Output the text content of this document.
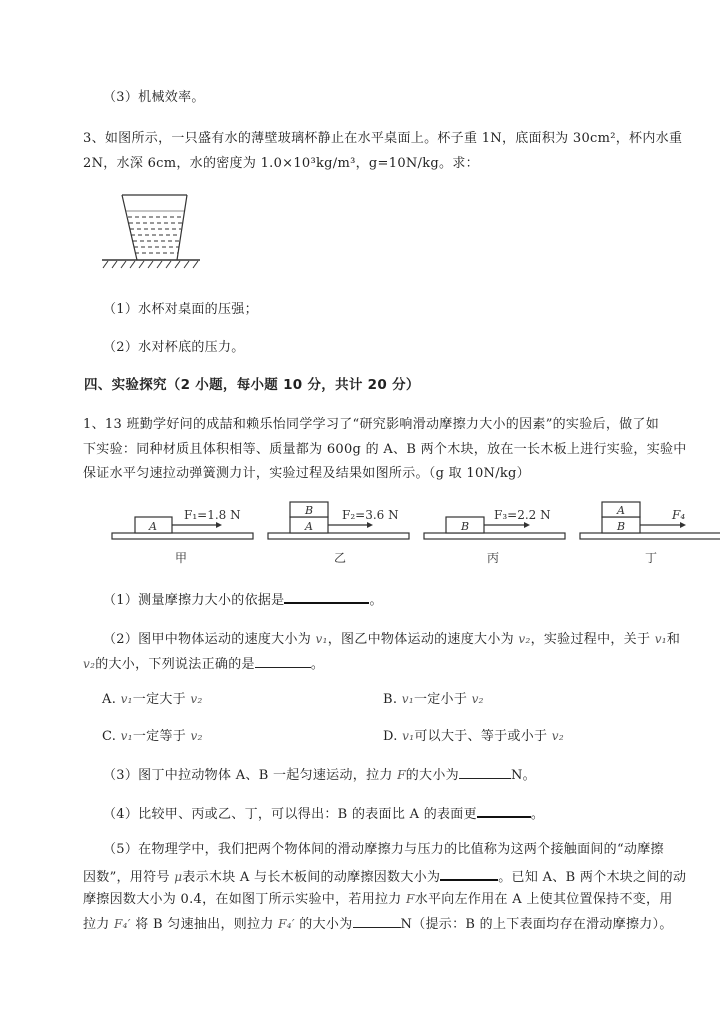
（3）机械效率。
3、如图所示，一只盛有水的薄壁玻璃杯静止在水平桌面上。杯子重 1N，底面积为 30cm²，杯内水重
2N，水深 6cm，水的密度为 1.0×10³kg/m³，g=10N/kg。求：
（1）水杯对桌面的压强；
（2）水对杯底的压力。
四、实验探究（2 小题，每小题 10 分，共计 20 分）
1、13 班勤学好问的成喆和赖乐怡同学学习了“研究影响滑动摩擦力大小的因素”的实验后，做了如
下实验：同种材质且体积相等、质量都为 600g 的 A、B 两个木块，放在一长木板上进行实验，实验中
保证水平匀速拉动弹簧测力计，实验过程及结果如图所示。（g 取 10N/kg）
A
F₁=1.8 N
甲
A
B F₂=3.6 N
乙
B
F₃=2.2 N
丙
B
A	F₄
丁
（1）测量摩擦力大小的依据是	。
（2）图甲中物体运动的速度大小为 v₁，图乙中物体运动的速度大小为 v₂，实验过程中，关于 v₁和
v₂的大小，下列说法正确的是	。
A. v₁一定大于 v₂	B. v₁一定小于 v₂
C. v₁一定等于 v₂	D. v₁可以大于、等于或小于 v₂
（3）图丁中拉动物体 A、B 一起匀速运动，拉力 F的大小为	N。
（4）比较甲、丙或乙、丁，可以得出：B 的表面比 A 的表面更	。
（5）在物理学中，我们把两个物体间的滑动摩擦力与压力的比值称为这两个接触面间的“动摩擦
因数”，用符号 μ表示木块 A 与长木板间的动摩擦因数大小为	。已知 A、B 两个木块之间的动
摩擦因数大小为 0.4，在如图丁所示实验中，若用拉力 F水平向左作用在 A 上使其位置保持不变，用
拉力 F₄′ 将 B 匀速抽出，则拉力 F₄′ 的大小为	N（提示：B 的上下表面均存在滑动摩擦力）。
